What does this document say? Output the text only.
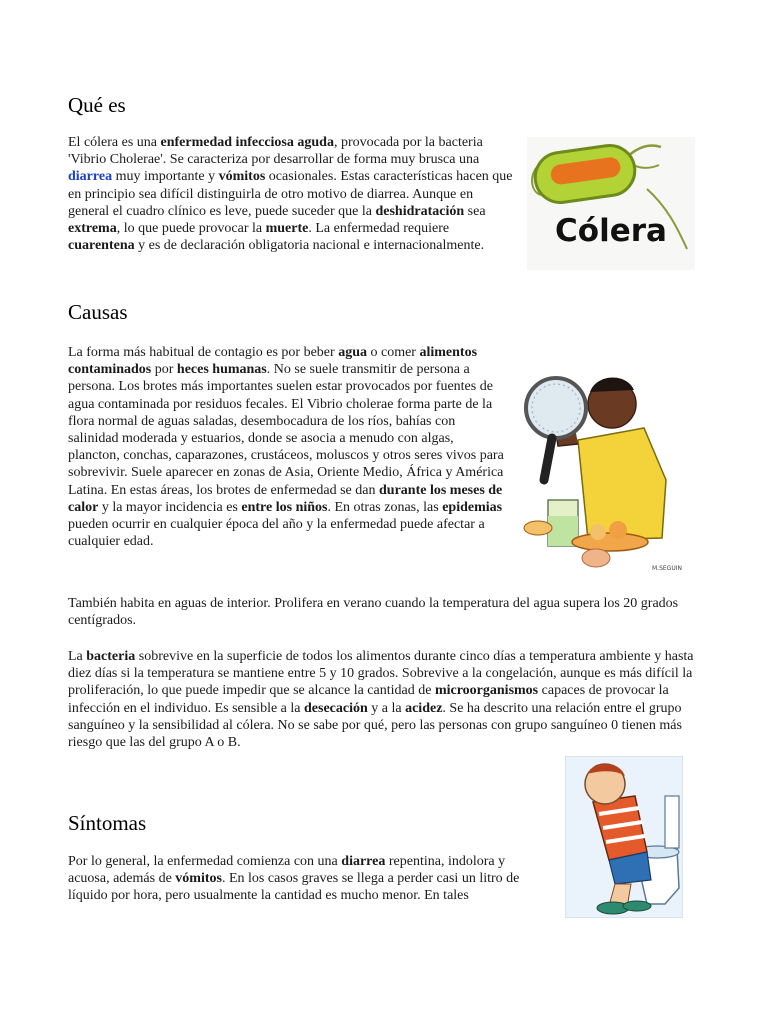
Qué es

El cólera es una enfermedad infecciosa aguda, provocada por la bacteria 'Vibrio Cholerae'. Se caracteriza por desarrollar de forma muy brusca una diarrea muy importante y vómitos ocasionales. Estas características hacen que en principio sea difícil distinguirla de otro motivo de diarrea. Aunque en general el cuadro clínico es leve, puede suceder que la deshidratación sea extrema, lo que puede provocar la muerte. La enfermedad requiere cuarentena y es de declaración obligatoria nacional e internacionalmente.	Cólera
Causas

La forma más habitual de contagio es por beber agua o comer alimentos contaminados por heces humanas. No se suele transmitir de persona a persona. Los brotes más importantes suelen estar provocados por fuentes de agua contaminada por residuos fecales. El Vibrio cholerae forma parte de la flora normal de aguas saladas, desembocadura de los ríos, bahías con salinidad moderada y estuarios, donde se asocia a menudo con algas, plancton, conchas, caparazones, crustáceos, moluscos y otros seres vivos para sobrevivir. Suele aparecer en zonas de Asia, Oriente Medio, África y América Latina. En estas áreas, los brotes de enfermedad se dan durante los meses de calor y la mayor incidencia es entre los niños. En otras zonas, las epidemias pueden ocurrir en cualquier época del año y la enfermedad puede afectar a cualquier edad.

M.SEGUIN

También habita en aguas de interior. Prolifera en verano cuando la temperatura del agua supera los 20 grados centígrados.

La bacteria sobrevive en la superficie de todos los alimentos durante cinco días a temperatura ambiente y hasta diez días si la temperatura se mantiene entre 5 y 10 grados. Sobrevive a la congelación, aunque es más difícil la proliferación, lo que puede impedir que se alcance la cantidad de microorganismos capaces de provocar la infección en el individuo. Es sensible a la desecación y a la acidez. Se ha descrito una relación entre el grupo sanguíneo y la sensibilidad al cólera. No se sabe por qué, pero las personas con grupo sanguíneo 0 tienen más riesgo que las del grupo A o B.

Síntomas

Por lo general, la enfermedad comienza con una diarrea repentina, indolora y acuosa, además de vómitos. En los casos graves se llega a perder casi un litro de líquido por hora, pero usualmente la cantidad es mucho menor. En tales
